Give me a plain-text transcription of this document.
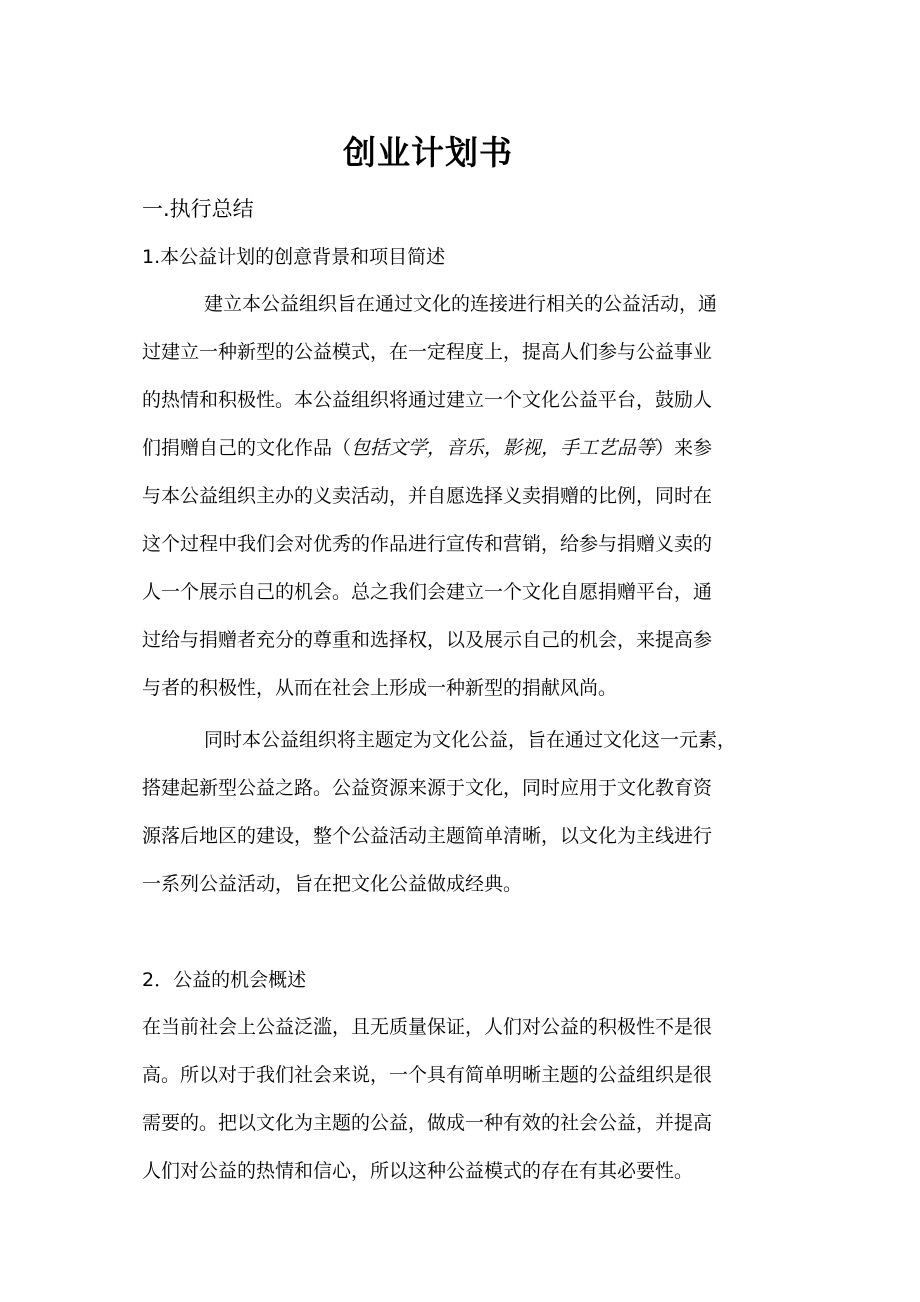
创业计划书
一.执行总结
1.本公益计划的创意背景和项目简述
建立本公益组织旨在通过文化的连接进行相关的公益活动，通
过建立一种新型的公益模式，在一定程度上，提高人们参与公益事业
的热情和积极性。本公益组织将通过建立一个文化公益平台，鼓励人
们捐赠自己的文化作品（包括文学，音乐，影视，手工艺品等）来参
与本公益组织主办的义卖活动，并自愿选择义卖捐赠的比例，同时在
这个过程中我们会对优秀的作品进行宣传和营销，给参与捐赠义卖的
人一个展示自己的机会。总之我们会建立一个文化自愿捐赠平台，通
过给与捐赠者充分的尊重和选择权，以及展示自己的机会，来提高参
与者的积极性，从而在社会上形成一种新型的捐献风尚。
同时本公益组织将主题定为文化公益，旨在通过文化这一元素，
搭建起新型公益之路。公益资源来源于文化，同时应用于文化教育资
源落后地区的建设，整个公益活动主题简单清晰，以文化为主线进行
一系列公益活动，旨在把文化公益做成经典。
2．公益的机会概述
在当前社会上公益泛滥，且无质量保证，人们对公益的积极性不是很
高。所以对于我们社会来说，一个具有简单明晰主题的公益组织是很
需要的。把以文化为主题的公益，做成一种有效的社会公益，并提高
人们对公益的热情和信心，所以这种公益模式的存在有其必要性。
